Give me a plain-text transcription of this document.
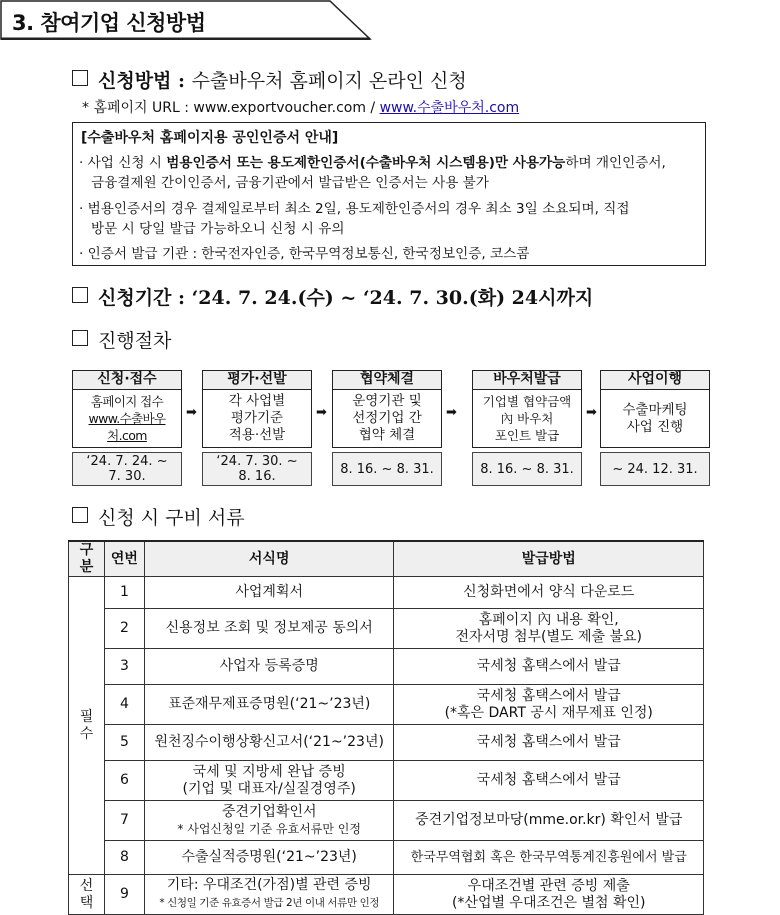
3. 참여기업 신청방법
신청방법 : 수출바우처 홈페이지 온라인 신청
* 홈페이지 URL : www.exportvoucher.com / www.수출바우처.com
[수출바우처 홈페이지용 공인인증서 안내]
· 사업 신청 시 범용인증서 또는 용도제한인증서(수출바우처 시스템용)만 사용가능하며 개인인증서,
금융결제원 간이인증서, 금융기관에서 발급받은 인증서는 사용 불가
· 범용인증서의 경우 결제일로부터 최소 2일, 용도제한인증서의 경우 최소 3일 소요되며, 직접
방문 시 당일 발급 가능하오니 신청 시 유의
· 인증서 발급 기관 : 한국전자인증, 한국무역정보통신, 한국정보인증, 코스콤
신청기간 : ‘24. 7. 24.(수) ~ ‘24. 7. 30.(화) 24시까지
진행절차
신청·접수
홈페이지 접수
www.수출바우처.com
‘24. 7. 24. ~
7. 30.
➡
평가·선발
각 사업별
평가기준
적용·선발
‘24. 7. 30. ~
8. 16.
➡
협약체결
운영기관 및
선정기업 간
협약 체결
8. 16. ~ 8. 31.
➡
바우처발급
기업별 협약금액
內 바우처
포인트 발급
8. 16. ~ 8. 31.
➡
사업이행
수출마케팅
사업 진행
~ 24. 12. 31.
신청 시 구비 서류
구분	연번	서식명	발급방법
필수	1	사업계획서	신청화면에서 양식 다운로드
	2	신용정보 조회 및 정보제공 동의서	홈페이지 內 내용 확인,
전자서명 첨부(별도 제출 불요)
	3	사업자 등록증명	국세청 홈택스에서 발급
	4	표준재무제표증명원(‘21~’23년)	국세청 홈택스에서 발급
(*혹은 DART 공시 재무제표 인정)
	5	원천징수이행상황신고서(‘21~’23년)	국세청 홈택스에서 발급
	6	국세 및 지방세 완납 증빙
(기업 및 대표자/실질경영주)	국세청 홈택스에서 발급
	7	중견기업확인서
* 사업신청일 기준 유효서류만 인정	중견기업정보마당(mme.or.kr) 확인서 발급
	8	수출실적증명원(‘21~’23년)	한국무역협회 혹은 한국무역통계진흥원에서 발급
선택	9	기타: 우대조건(가점)별 관련 증빙
* 신청일 기준 유효증서 발급 2년 이내 서류만 인정	우대조건별 관련 증빙 제출
(*산업별 우대조건은 별첨 확인)
